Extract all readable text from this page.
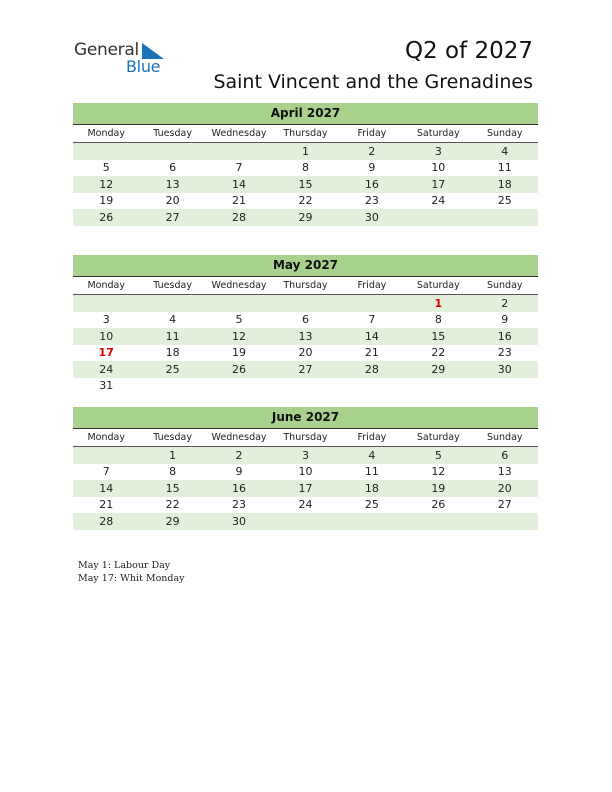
General
Blue
Q2 of 2027
Saint Vincent and the Grenadines
April 2027
Monday	Tuesday	Wednesday	Thursday	Friday	Saturday	Sunday
			1	2	3	4
5	6	7	8	9	10	11
12	13	14	15	16	17	18
19	20	21	22	23	24	25
26	27	28	29	30		
May 2027
Monday	Tuesday	Wednesday	Thursday	Friday	Saturday	Sunday
					1	2
3	4	5	6	7	8	9
10	11	12	13	14	15	16
17	18	19	20	21	22	23
24	25	26	27	28	29	30
31						
June 2027
Monday	Tuesday	Wednesday	Thursday	Friday	Saturday	Sunday
	1	2	3	4	5	6
7	8	9	10	11	12	13
14	15	16	17	18	19	20
21	22	23	24	25	26	27
28	29	30				
May 1: Labour Day
May 17: Whit Monday
